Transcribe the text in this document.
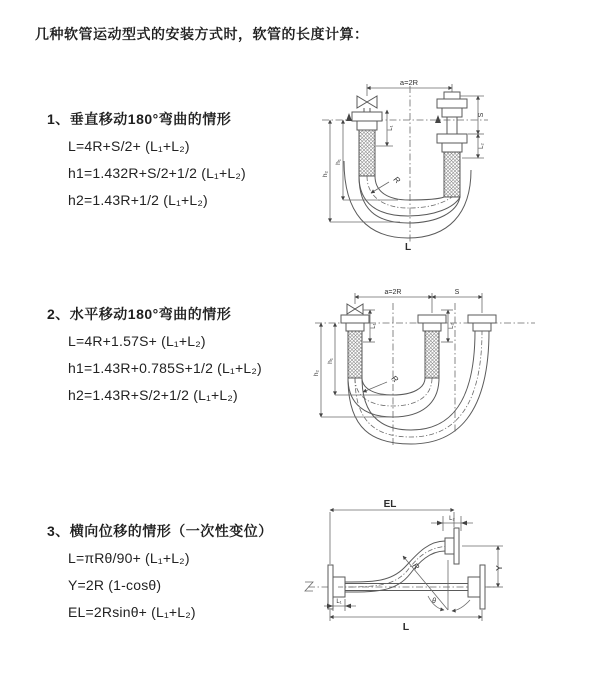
几种软管运动型式的安装方式时，软管的长度计算：
1、垂直移动180°弯曲的情形
L=4R+S/2+ (L₁+L₂)
h1=1.432R+S/2+1/2 (L₁+L₂)
h2=1.43R+1/2 (L₁+L₂)
2、水平移动180°弯曲的情形
L=4R+1.57S+ (L₁+L₂)
h1=1.43R+0.785S+1/2 (L₁+L₂)
h2=1.43R+S/2+1/2 (L₁+L₂)
3、横向位移的情形（一次性变位）
L=πRθ/90+ (L₁+L₂)
Y=2R (1-cosθ)
EL=2Rsinθ+ (L₁+L₂)
a=2R
R
h₁
h₂
L₁
S
L₂
L
a=2R	S
R
L₁	L₂
h₁
h₂
EL
L₂
Y
R
θ
L₁
L
